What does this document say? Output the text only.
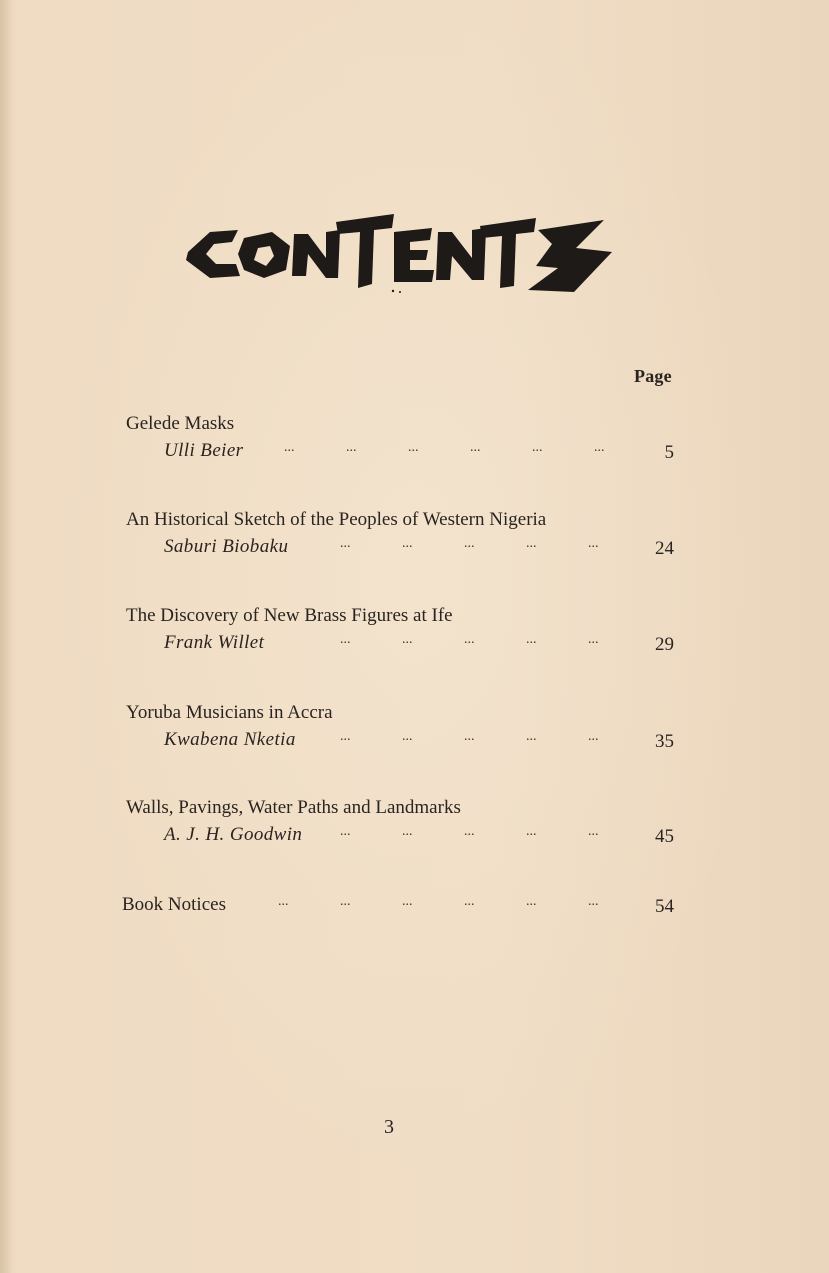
Page
Gelede Masks
Ulli Beier	...	...	...	...	...	...	5
An Historical Sketch of the Peoples of Western Nigeria
Saburi Biobaku	...	...	...	...	...	24
The Discovery of New Brass Figures at Ife
Frank Willet	...	...	...	...	...	29
Yoruba Musicians in Accra
Kwabena Nketia	...	...	...	...	...	35
Walls, Pavings, Water Paths and Landmarks
A. J. H. Goodwin	...	...	...	...	...	45
Book Notices	...	...	...	...	...	...	54
3
